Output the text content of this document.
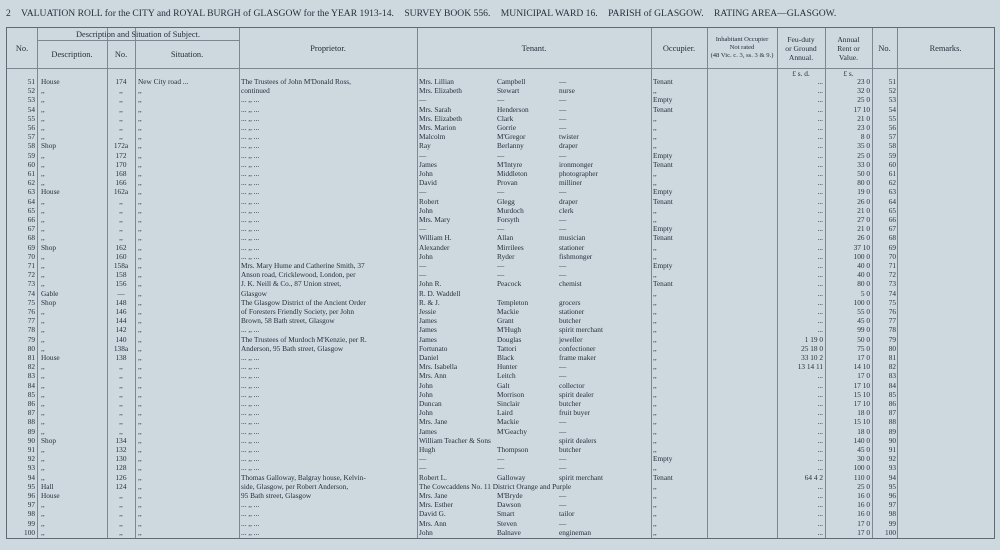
2 VALUATION ROLL for the CITY and ROYAL BURGH of GLASGOW for the YEAR 1913-14. SURVEY BOOK 556. MUNICIPAL WARD 16. PARISH of GLASGOW. RATING AREA—GLASGOW.
No.
Description and Situation of Subject.
Description.	No.	Situation.
Proprietor.	Tenant.	Occupier.
Inhabitant Occupier
Not rated
(48 Vic. c. 3, ss. 3 & 9.)
Feu-duty
or Ground
Annual.
Annual
Rent or
Value.
No.	Remarks.
£ s. d.	£ s.
51 House	174	New City road ...	The Trustees of John M'Donald Ross,	Mrs. Lillian	Campbell	—	Tenant	...	23 0	51
52 ,,	,,	,,	continued	Mrs. Elizabeth	Stewart	nurse	,,	...	32 0	52
53 ,,	,,	,,	... ,, ...	—	—	—	Empty	...	25 0	53
54 ,,	,,	,,	... ,, ...	Mrs. Sarah	Henderson	—	Tenant	...	17 10	54
55 ,,	,,	,,	... ,, ...	Mrs. Elizabeth	Clark	—	,,	...	21 0	55
56 ,,	,,	,,	... ,, ...	Mrs. Marion	Gorrie	—	,,	...	23 0	56
57 ,,	,,	,,	... ,, ...	Malcolm	M'Gregor	twister	,,	...	8 0	57
58 Shop	172a	,,	... ,, ...	Ray	Berlanny	draper	,,	...	35 0	58
59 ,,	172	,,	... ,, ...	—	—	—	Empty	...	25 0	59
60 ,,	170	,,	... ,, ...	James	M'Intyre	ironmonger	Tenant	...	33 0	60
61 ,,	168	,,	... ,, ...	John	Middleton	photographer	,,	...	50 0	61
62 ,,	166	,,	... ,, ...	David	Provan	milliner	,,	...	80 0	62
63 House	162a	,,	... ,, ...	—	—	—	Empty	...	19 0	63
64 ,,	,,	,,	... ,, ...	Robert	Glegg	draper	Tenant	...	26 0	64
65 ,,	,,	,,	... ,, ...	John	Murdoch	clerk	,,	...	21 0	65
66 ,,	,,	,,	... ,, ...	Mrs. Mary	Forsyth	—	,,	...	27 0	66
67 ,,	,,	,,	... ,, ...	—	—	—	Empty	...	21 0	67
68 ,,	,,	,,	... ,, ...	William H.	Allan	musician	Tenant	...	26 0	68
69 Shop	162	,,	... ,, ...	Alexander	Mirrilees	stationer	,,	...	37 10	69
70 ,,	160	,,	... ,, ...	John	Ryder	fishmonger	,,	...	100 0	70
71 ,,	158a	,,	Mrs. Mary Hume and Catherine Smith, 37	—	—	—	Empty	...	40 0	71
72 ,,	158	,,	Anson road, Cricklewood, London, per	—	—	—	,,	...	40 0	72
73 ,,	156	,,	J. K. Neill & Co., 87 Union street,	John R.	Peacock	chemist	Tenant	...	80 0	73
74 Gable	—	,,	Glasgow	R. D. Waddell	,,	...	5 0	74
75 Shop	148	,,	The Glasgow District of the Ancient Order	R. & J.	Templeton	grocers	,,	...	100 0	75
76 ,,	146	,,	of Foresters Friendly Society, per John	Jessie	Mackie	stationer	,,	...	55 0	76
77 ,,	144	,,	Brown, 58 Bath street, Glasgow	James	Grant	butcher	,,	...	45 0	77
78 ,,	142	,,	... ,, ...	James	M'Hugh	spirit merchant	,,	...	99 0	78
79 ,,	140	,,	The Trustees of Murdoch M'Kenzie, per R.	James	Douglas	jeweller	,,	1 19 0	50 0	79
80 ,,	138a	,,	Anderson, 95 Bath street, Glasgow	Fortunato	Tattori	confectioner	,,	25 18 0	75 0	80
81 House	138	,,	... ,, ...	Daniel	Black	frame maker	,,	33 10 2	17 0	81
82 ,,	,,	,,	... ,, ...	Mrs. Isabella	Hunter	—	,,	13 14 11	14 10	82
83 ,,	,,	,,	... ,, ...	Mrs. Ann	Leitch	—	,,	...	17 0	83
84 ,,	,,	,,	... ,, ...	John	Galt	collector	,,	...	17 10	84
85 ,,	,,	,,	... ,, ...	John	Morrison	spirit dealer	,,	...	15 10	85
86 ,,	,,	,,	... ,, ...	Duncan	Sinclair	butcher	,,	...	17 10	86
87 ,,	,,	,,	... ,, ...	John	Laird	fruit buyer	,,	...	18 0	87
88 ,,	,,	,,	... ,, ...	Mrs. Jane	Mackie	—	,,	...	15 10	88
89 ,,	,,	,,	... ,, ...	James	M'Geachy	—	,,	...	18 0	89
90 Shop	134	,,	... ,, ...	William Teacher & Sons	spirit dealers	,,	...	140 0	90
91 ,,	132	,,	... ,, ...	Hugh	Thompson	butcher	,,	...	45 0	91
92 ,,	130	,,	... ,, ...	—	—	—	Empty	...	30 0	92
93 ,,	128	,,	... ,, ...	—	—	—	,,	...	100 0	93
94 ,,	126	,,	Thomas Galloway, Balgray house, Kelvin-	Robert L.	Galloway	spirit merchant	Tenant	64 4 2	110 0	94
95 Hall	124	,,	side, Glasgow, per Robert Anderson,	The Cowcaddens No. 11 District Orange and Purple	,,	...	25 0	95
96 House	,,	,,	95 Bath street, Glasgow	Mrs. Jane	M'Bryde	—	,,	...	16 0	96
97 ,,	,,	,,	... ,, ...	Mrs. Esther	Dawson	—	,,	...	16 0	97
98 ,,	,,	,,	... ,, ...	David G.	Smart	tailor	,,	...	16 0	98
99 ,,	,,	,,	... ,, ...	Mrs. Ann	Steven	—	,,	...	17 0	99
100 ,,	,,	,,	... ,, ...	John	Balnave	engineman	,,	...	17 0	100
